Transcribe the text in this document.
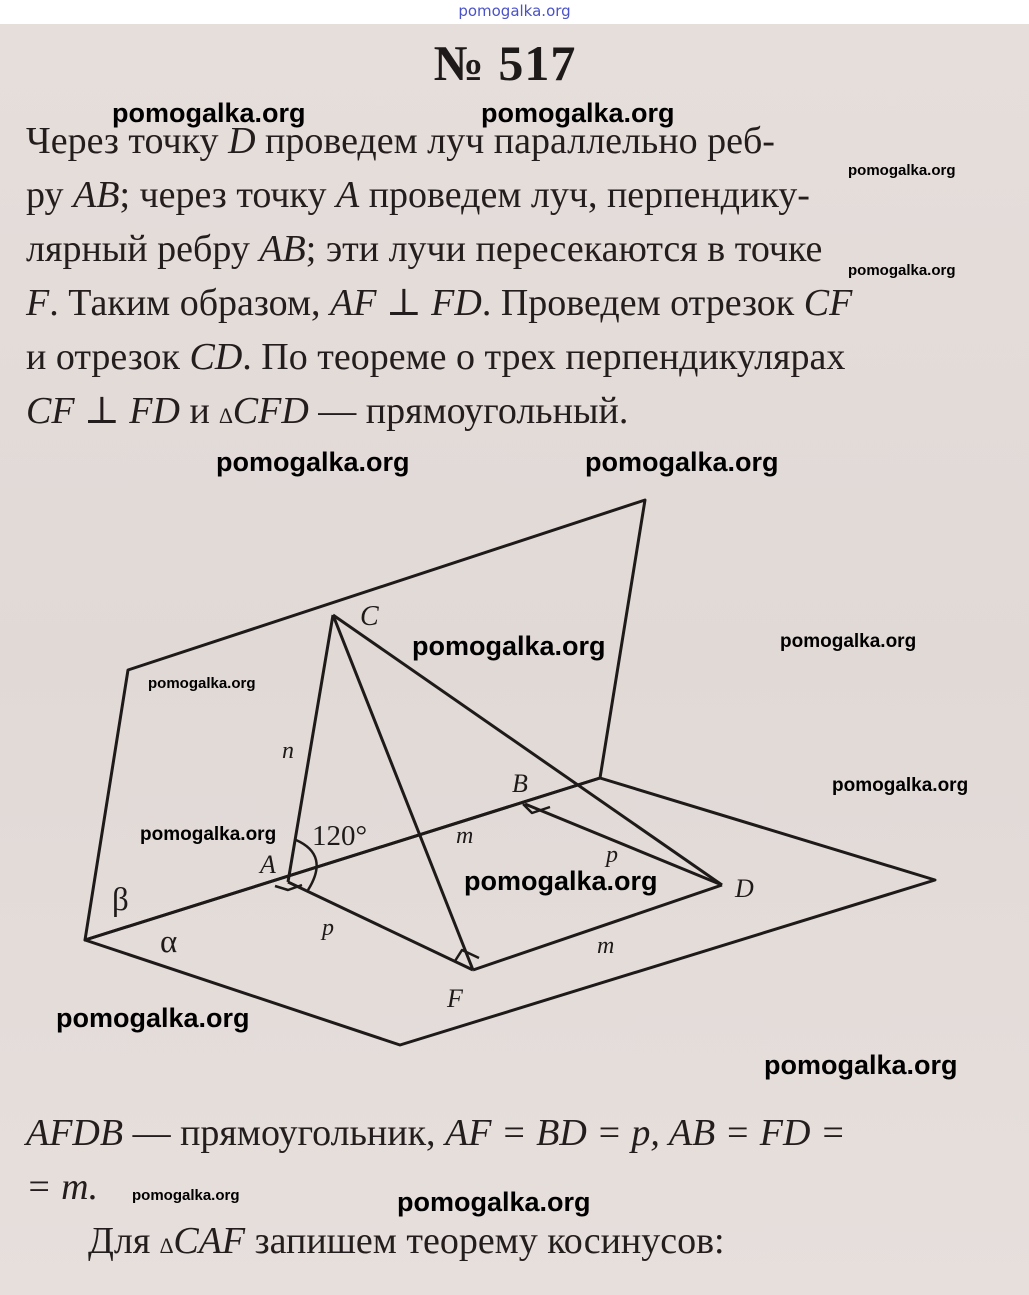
pomogalka.org
№ 517

Через точку D проведем луч параллельно реб-
ру AB; через точку A проведем луч, перпендику-
лярный ребру AB; эти лучи пересекаются в точке
F. Таким образом, AF ⊥ FD. Проведем отрезок CF
и отрезок CD. По теореме о трех перпендикулярах
CF ⊥ FD и ∆CFD — прямоугольный.

C
B
A
D
F
n
m
p
p
m
120°
β
α

AFDB — прямоугольник, AF = BD = p, AB = FD =
= m.

Для ∆CAF запишем теорему косинусов:

pomogalka.org	pomogalka.org
pomogalka.org
pomogalka.org
pomogalka.org	pomogalka.org
pomogalka.org	pomogalka.org
pomogalka.org
pomogalka.org
pomogalka.org
pomogalka.org
pomogalka.org
pomogalka.org
pomogalka.org	pomogalka.org
